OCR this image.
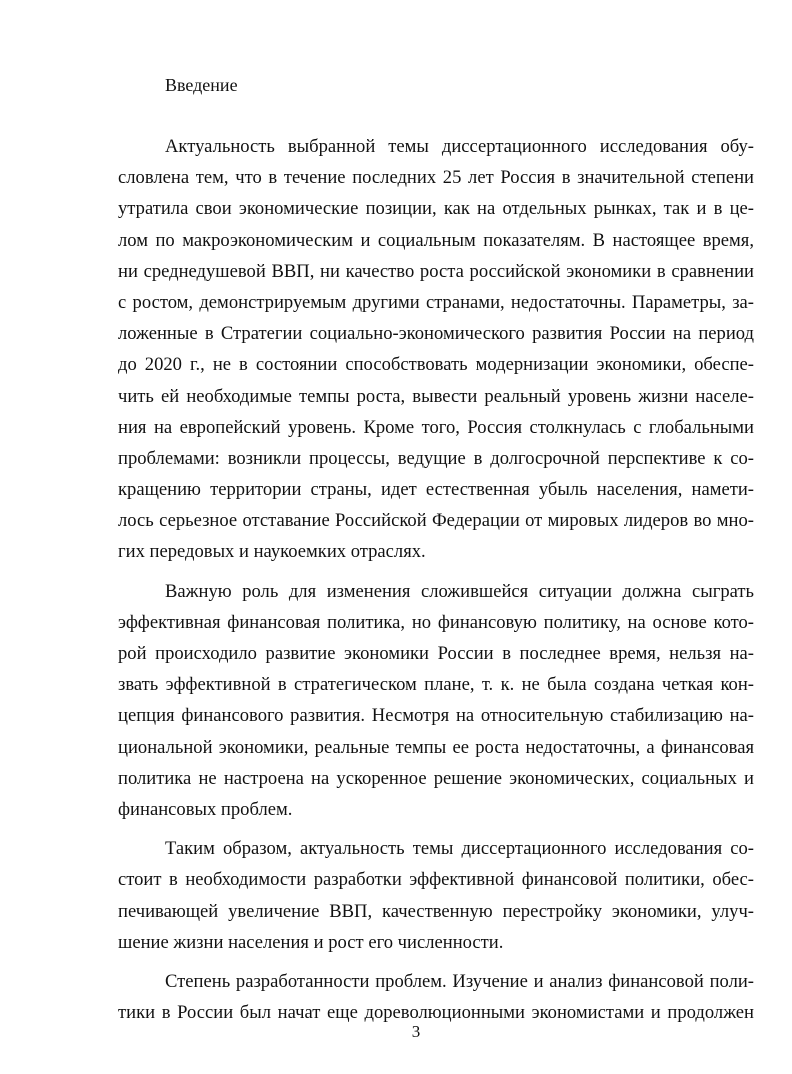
Введение
Актуальность выбранной темы диссертационного исследования обу-
словлена тем, что в течение последних 25 лет Россия в значительной степени
утратила свои экономические позиции, как на отдельных рынках, так и в це-
лом по макроэкономическим и социальным показателям. В настоящее время,
ни среднедушевой ВВП, ни качество роста российской экономики в сравнении
с ростом, демонстрируемым другими странами, недостаточны. Параметры, за-
ложенные в Стратегии социально-экономического развития России на период
до 2020 г., не в состоянии способствовать модернизации экономики, обеспе-
чить ей необходимые темпы роста, вывести реальный уровень жизни населе-
ния на европейский уровень. Кроме того, Россия столкнулась с глобальными
проблемами: возникли процессы, ведущие в долгосрочной перспективе к со-
кращению территории страны, идет естественная убыль населения, намети-
лось серьезное отставание Российской Федерации от мировых лидеров во мно-
гих передовых и наукоемких отраслях.
Важную роль для изменения сложившейся ситуации должна сыграть
эффективная финансовая политика, но финансовую политику, на основе кото-
рой происходило развитие экономики России в последнее время, нельзя на-
звать эффективной в стратегическом плане, т. к. не была создана четкая кон-
цепция финансового развития. Несмотря на относительную стабилизацию на-
циональной экономики, реальные темпы ее роста недостаточны, а финансовая
политика не настроена на ускоренное решение экономических, социальных и
финансовых проблем.
Таким образом, актуальность темы диссертационного исследования со-
стоит в необходимости разработки эффективной финансовой политики, обес-
печивающей увеличение ВВП, качественную перестройку экономики, улуч-
шение жизни населения и рост его численности.
Степень разработанности проблем. Изучение и анализ финансовой поли-
тики в России был начат еще дореволюционными экономистами и продолжен

3
